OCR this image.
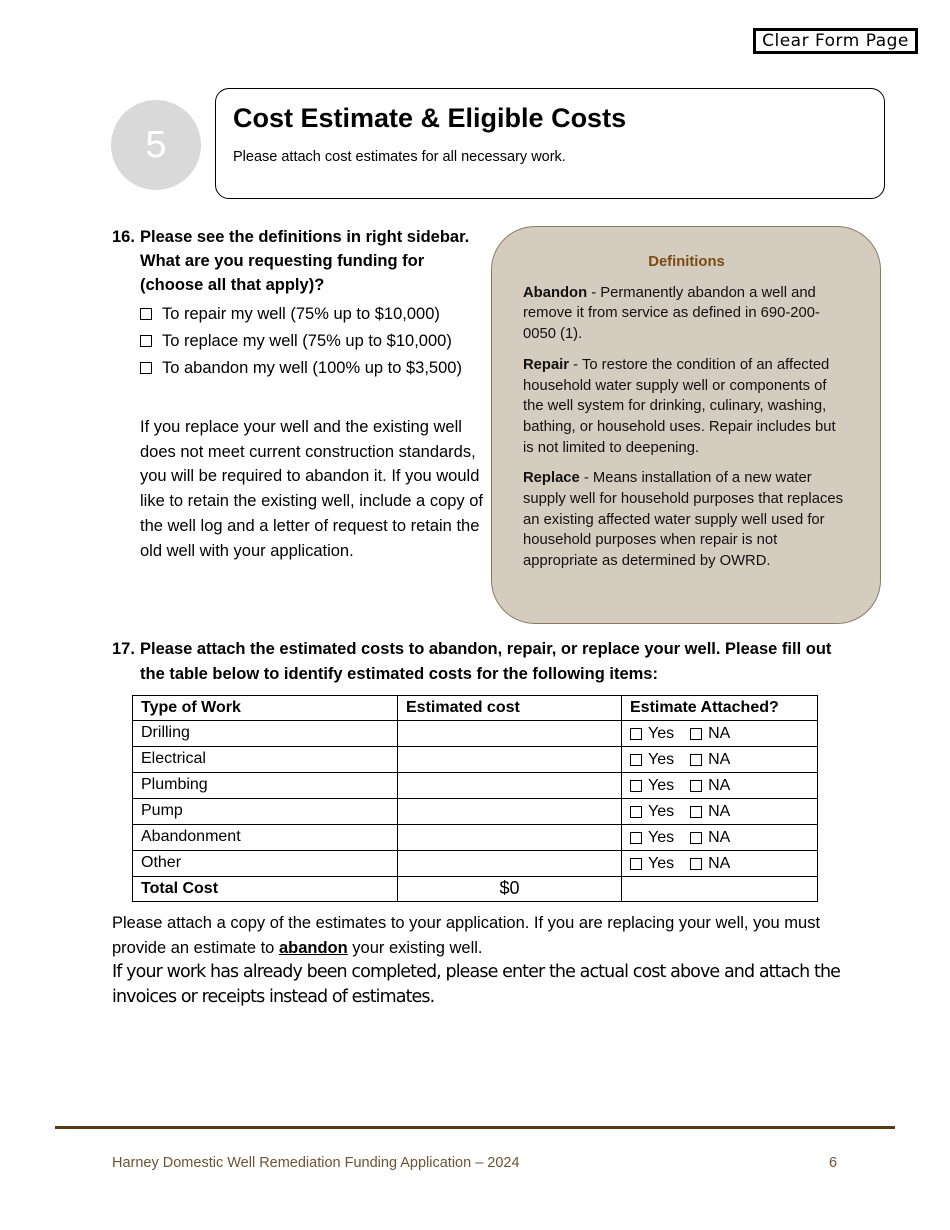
Clear Form Page
5
Cost Estimate & Eligible Costs
Please attach cost estimates for all necessary work.
16. Please see the definitions in right sidebar. What are you requesting funding for (choose all that apply)?
To repair my well (75% up to $10,000)
To replace my well (75% up to $10,000)
To abandon my well (100% up to $3,500)
If you replace your well and the existing well does not meet current construction standards, you will be required to abandon it. If you would like to retain the existing well, include a copy of the well log and a letter of request to retain the old well with your application.
Definitions
Abandon - Permanently abandon a well and remove it from service as defined in 690-200-0050 (1).
Repair - To restore the condition of an affected household water supply well or components of the well system for drinking, culinary, washing, bathing, or household uses. Repair includes but is not limited to deepening.
Replace - Means installation of a new water supply well for household purposes that replaces an existing affected water supply well used for household purposes when repair is not appropriate as determined by OWRD.
17. Please attach the estimated costs to abandon, repair, or replace your well. Please fill out the table below to identify estimated costs for the following items:
Type of Work	Estimated cost	Estimate Attached?
Drilling		Yes NA

Electrical		Yes NA

Plumbing		Yes NA

Pump		Yes NA

Abandonment		Yes NA

Other		Yes NA

Total Cost	$0	
Please attach a copy of the estimates to your application. If you are replacing your well, you must provide an estimate to abandon your existing well.
If your work has already been completed, please enter the actual cost above and attach the invoices or receipts instead of estimates.
Harney Domestic Well Remediation Funding Application – 2024	6
